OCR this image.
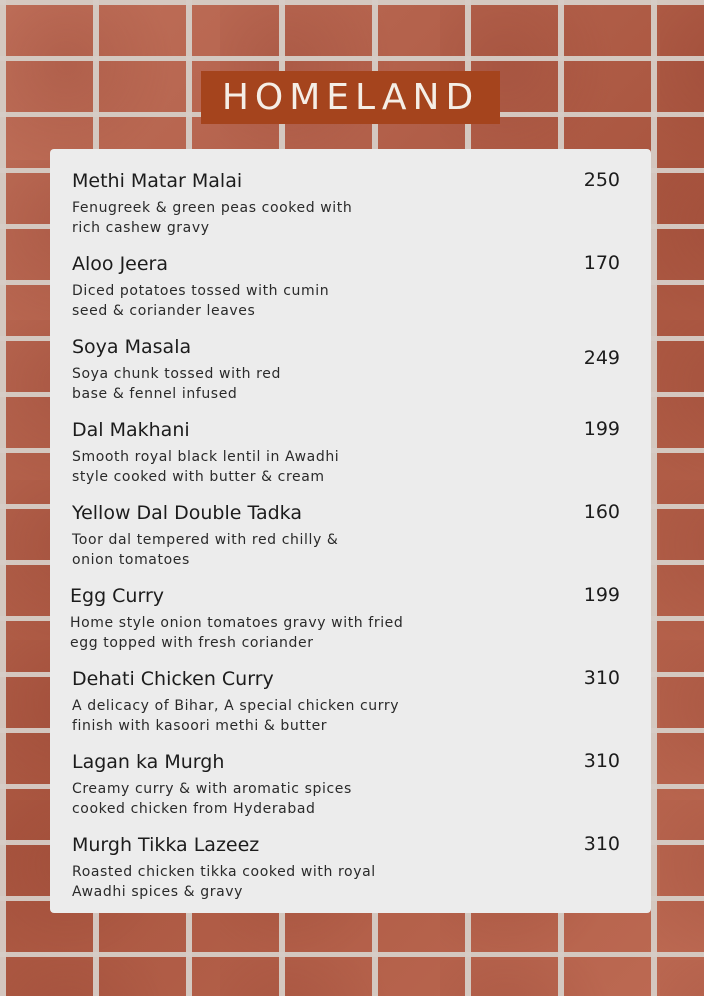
HOMELAND
Methi Matar Malai
Fenugreek & green peas cooked with
rich cashew gravy
250
Aloo Jeera
Diced potatoes tossed with cumin
seed & coriander leaves
170
Soya Masala
Soya chunk tossed with red
base & fennel infused
249
Dal Makhani
Smooth royal black lentil in Awadhi
style cooked with butter & cream
199
Yellow Dal Double Tadka
Toor dal tempered with red chilly &
onion tomatoes
160
Egg Curry
Home style onion tomatoes gravy with fried
egg topped with fresh coriander
199
Dehati Chicken Curry
A delicacy of Bihar, A special chicken curry
finish with kasoori methi & butter
310
Lagan ka Murgh
Creamy curry & with aromatic spices
cooked chicken from Hyderabad
310
Murgh Tikka Lazeez
Roasted chicken tikka cooked with royal
Awadhi spices & gravy
310
